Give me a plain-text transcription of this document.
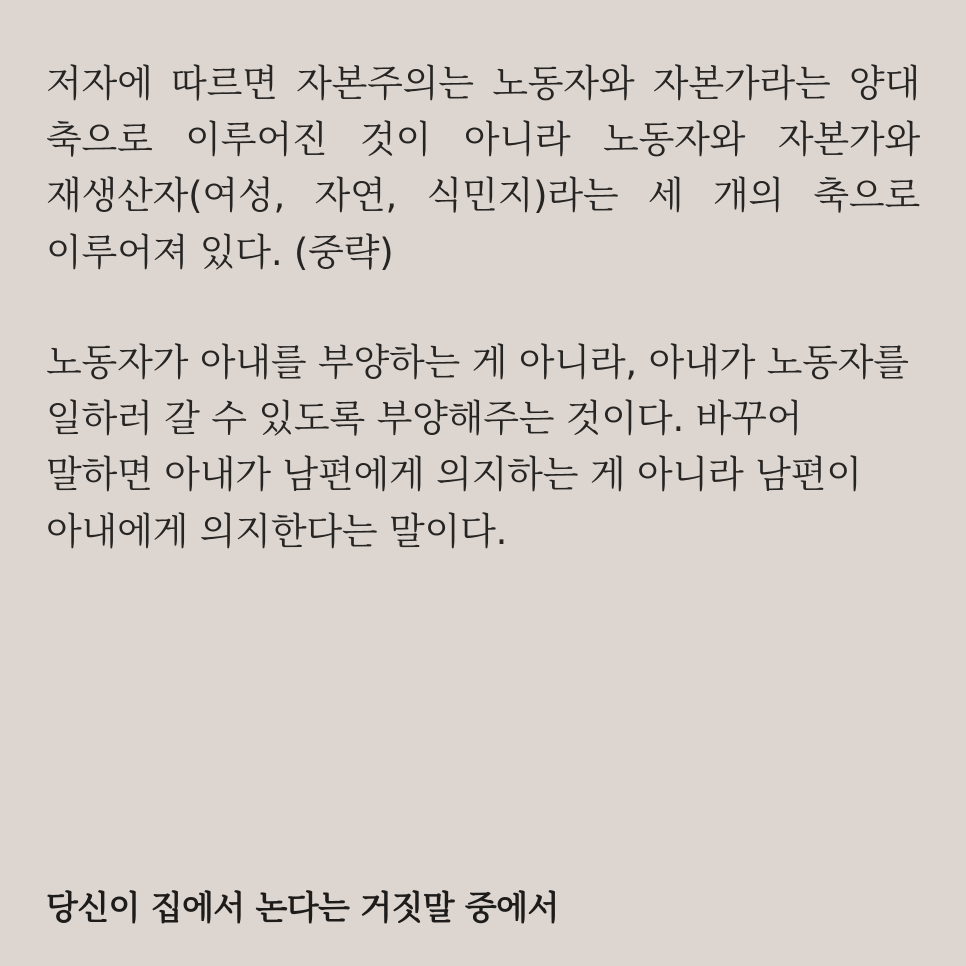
저자에 따르면 자본주의는 노동자와 자본가라는 양대 축으로 이루어진 것이 아니라 노동자와 자본가와 재생산자(여성, 자연, 식민지)라는 세 개의 축으로 이루어져 있다. (중략)

노동자가 아내를 부양하는 게 아니라, 아내가 노동자를 일하러 갈 수 있도록 부양해주는 것이다. 바꾸어 말하면 아내가 남편에게 의지하는 게 아니라 남편이 아내에게 의지한다는 말이다.

당신이 집에서 논다는 거짓말 중에서
